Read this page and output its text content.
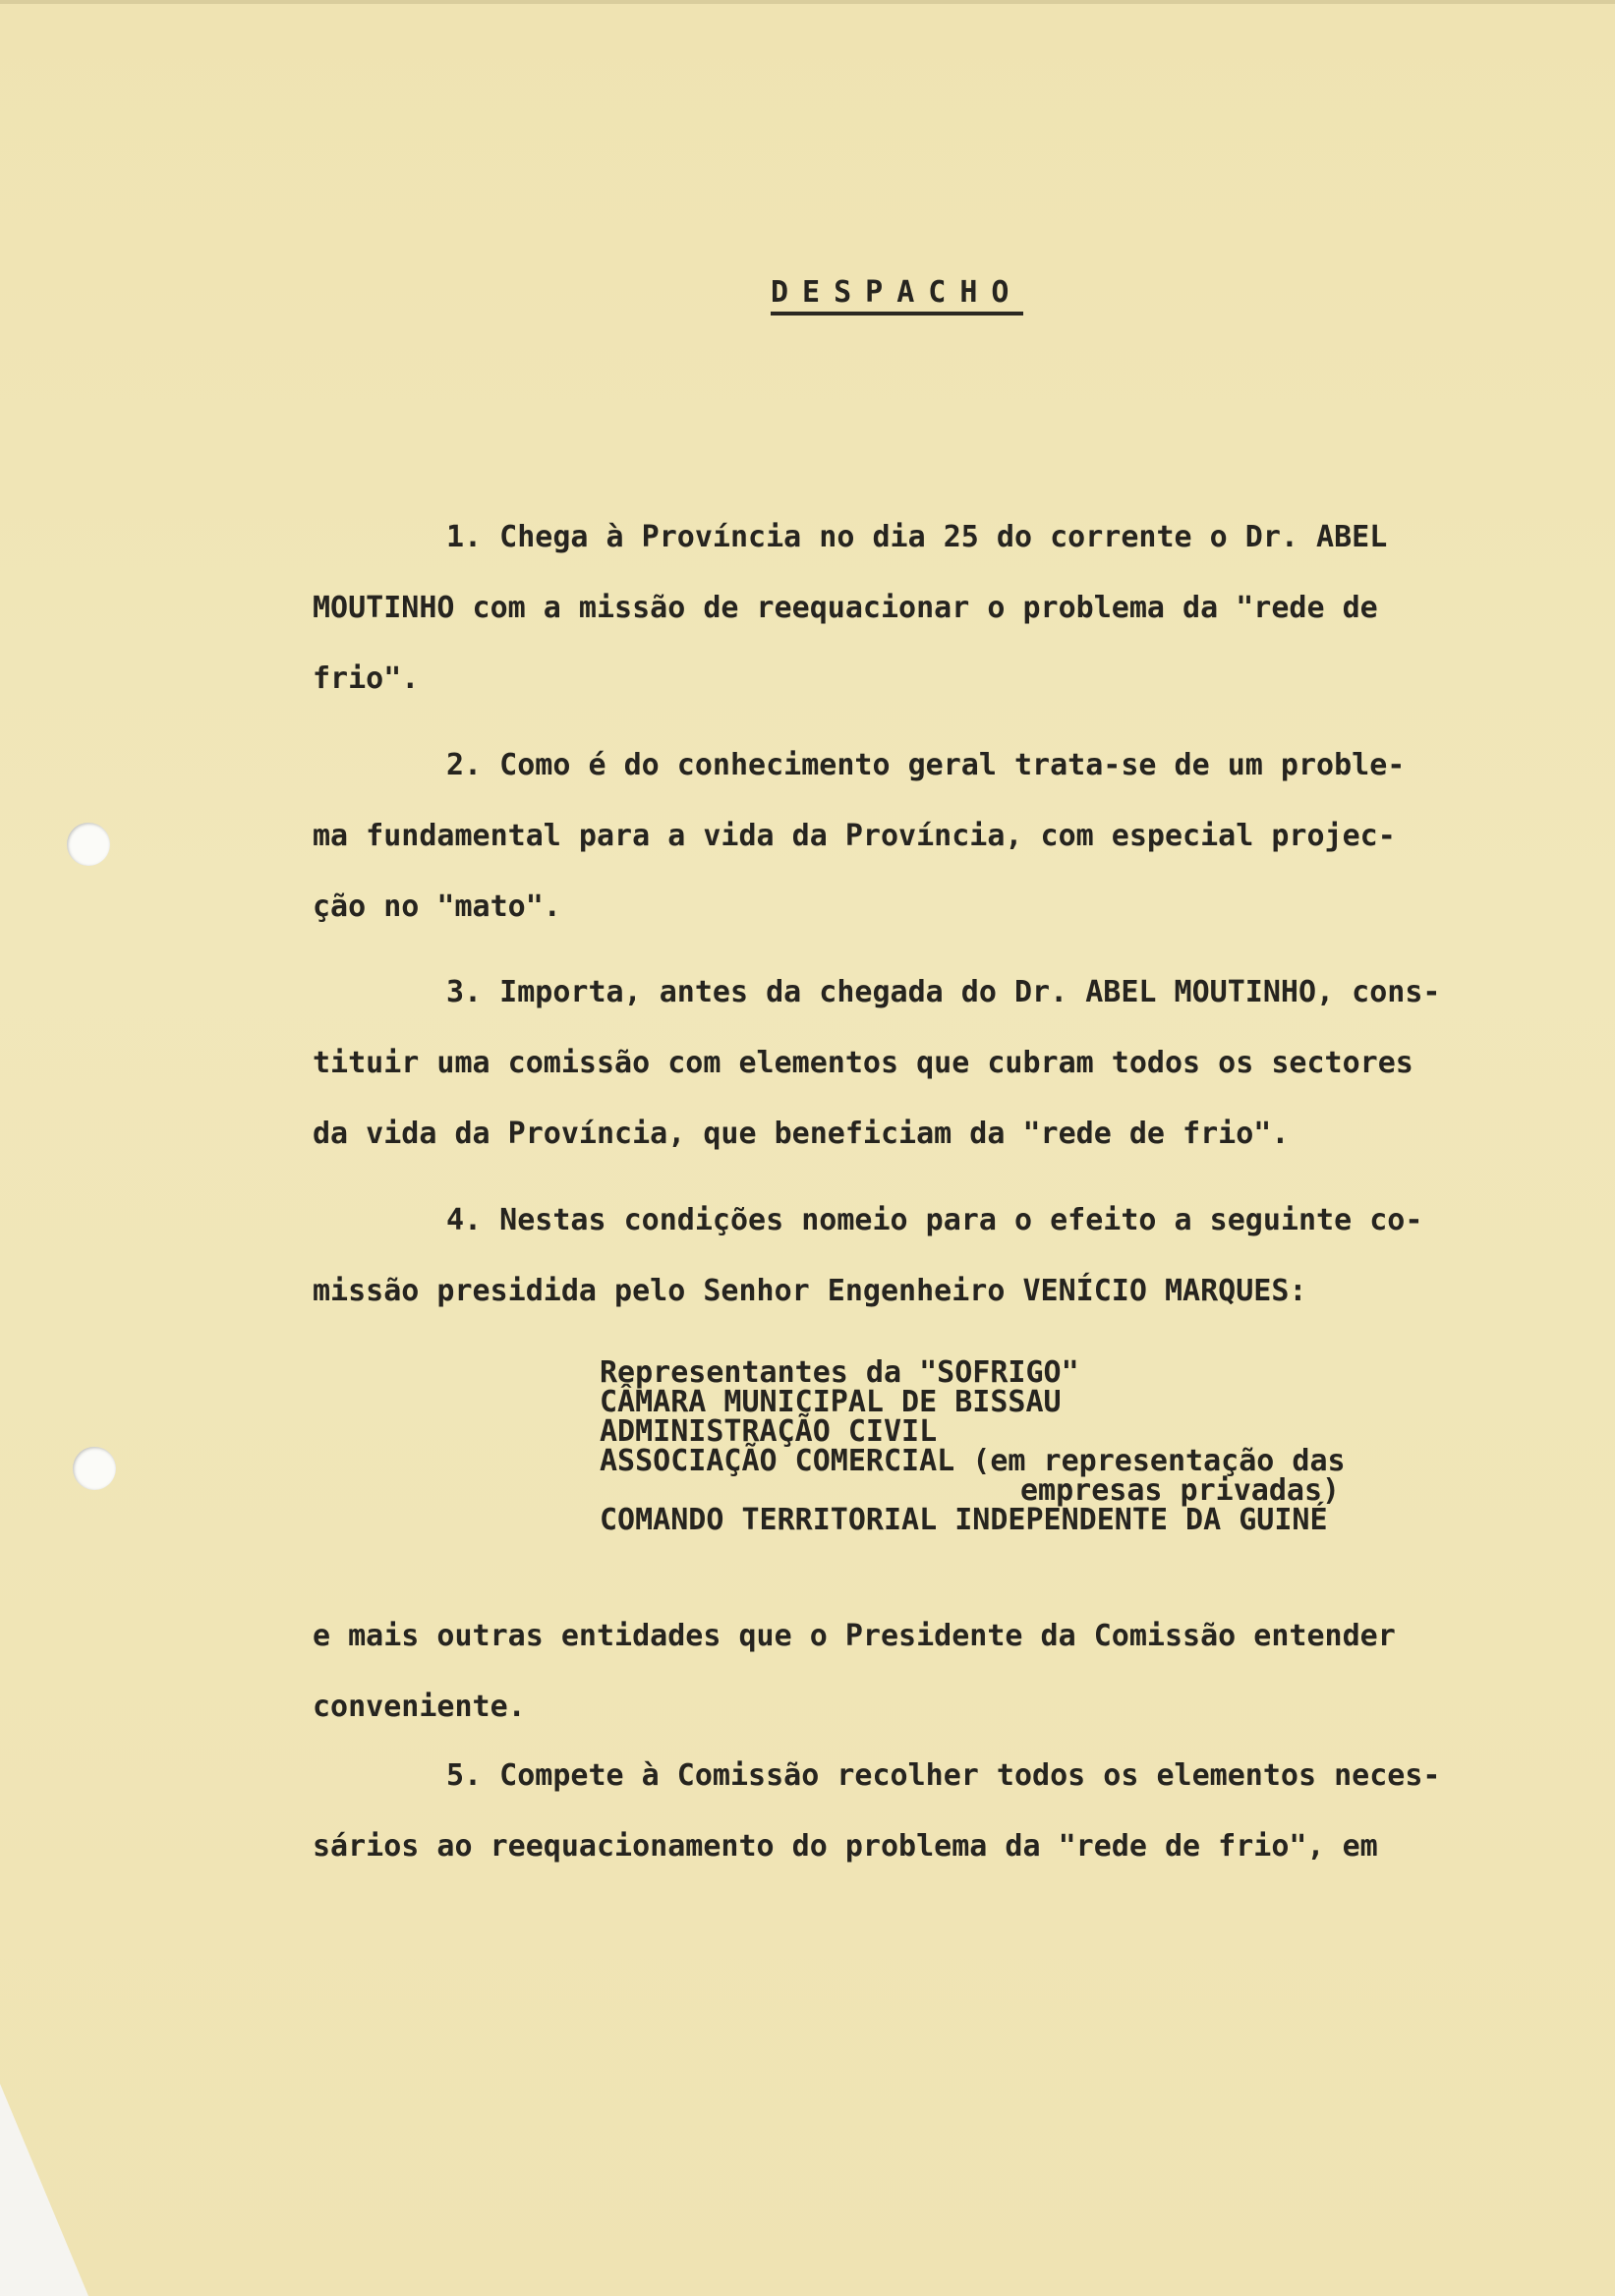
DESPACHO

1. Chega à Província no dia 25 do corrente o Dr. ABEL
MOUTINHO com a missão de reequacionar o problema da "rede de
frio".

2. Como é do conhecimento geral trata-se de um proble-
ma fundamental para a vida da Província, com especial projec-
ção no "mato".

3. Importa, antes da chegada do Dr. ABEL MOUTINHO, cons-
tituir uma comissão com elementos que cubram todos os sectores
da vida da Província, que beneficiam da "rede de frio".

4. Nestas condições nomeio para o efeito a seguinte co-
missão presidida pelo Senhor Engenheiro VENÍCIO MARQUES:

Representantes da "SOFRIGO"
CÂMARA MUNICIPAL DE BISSAU
ADMINISTRAÇÃO CIVIL
ASSOCIAÇÃO COMERCIAL (em representação das
empresas privadas)
COMANDO TERRITORIAL INDEPENDENTE DA GUINÉ

e mais outras entidades que o Presidente da Comissão entender
conveniente.

5. Compete à Comissão recolher todos os elementos neces-
sários ao reequacionamento do problema da "rede de frio", em
